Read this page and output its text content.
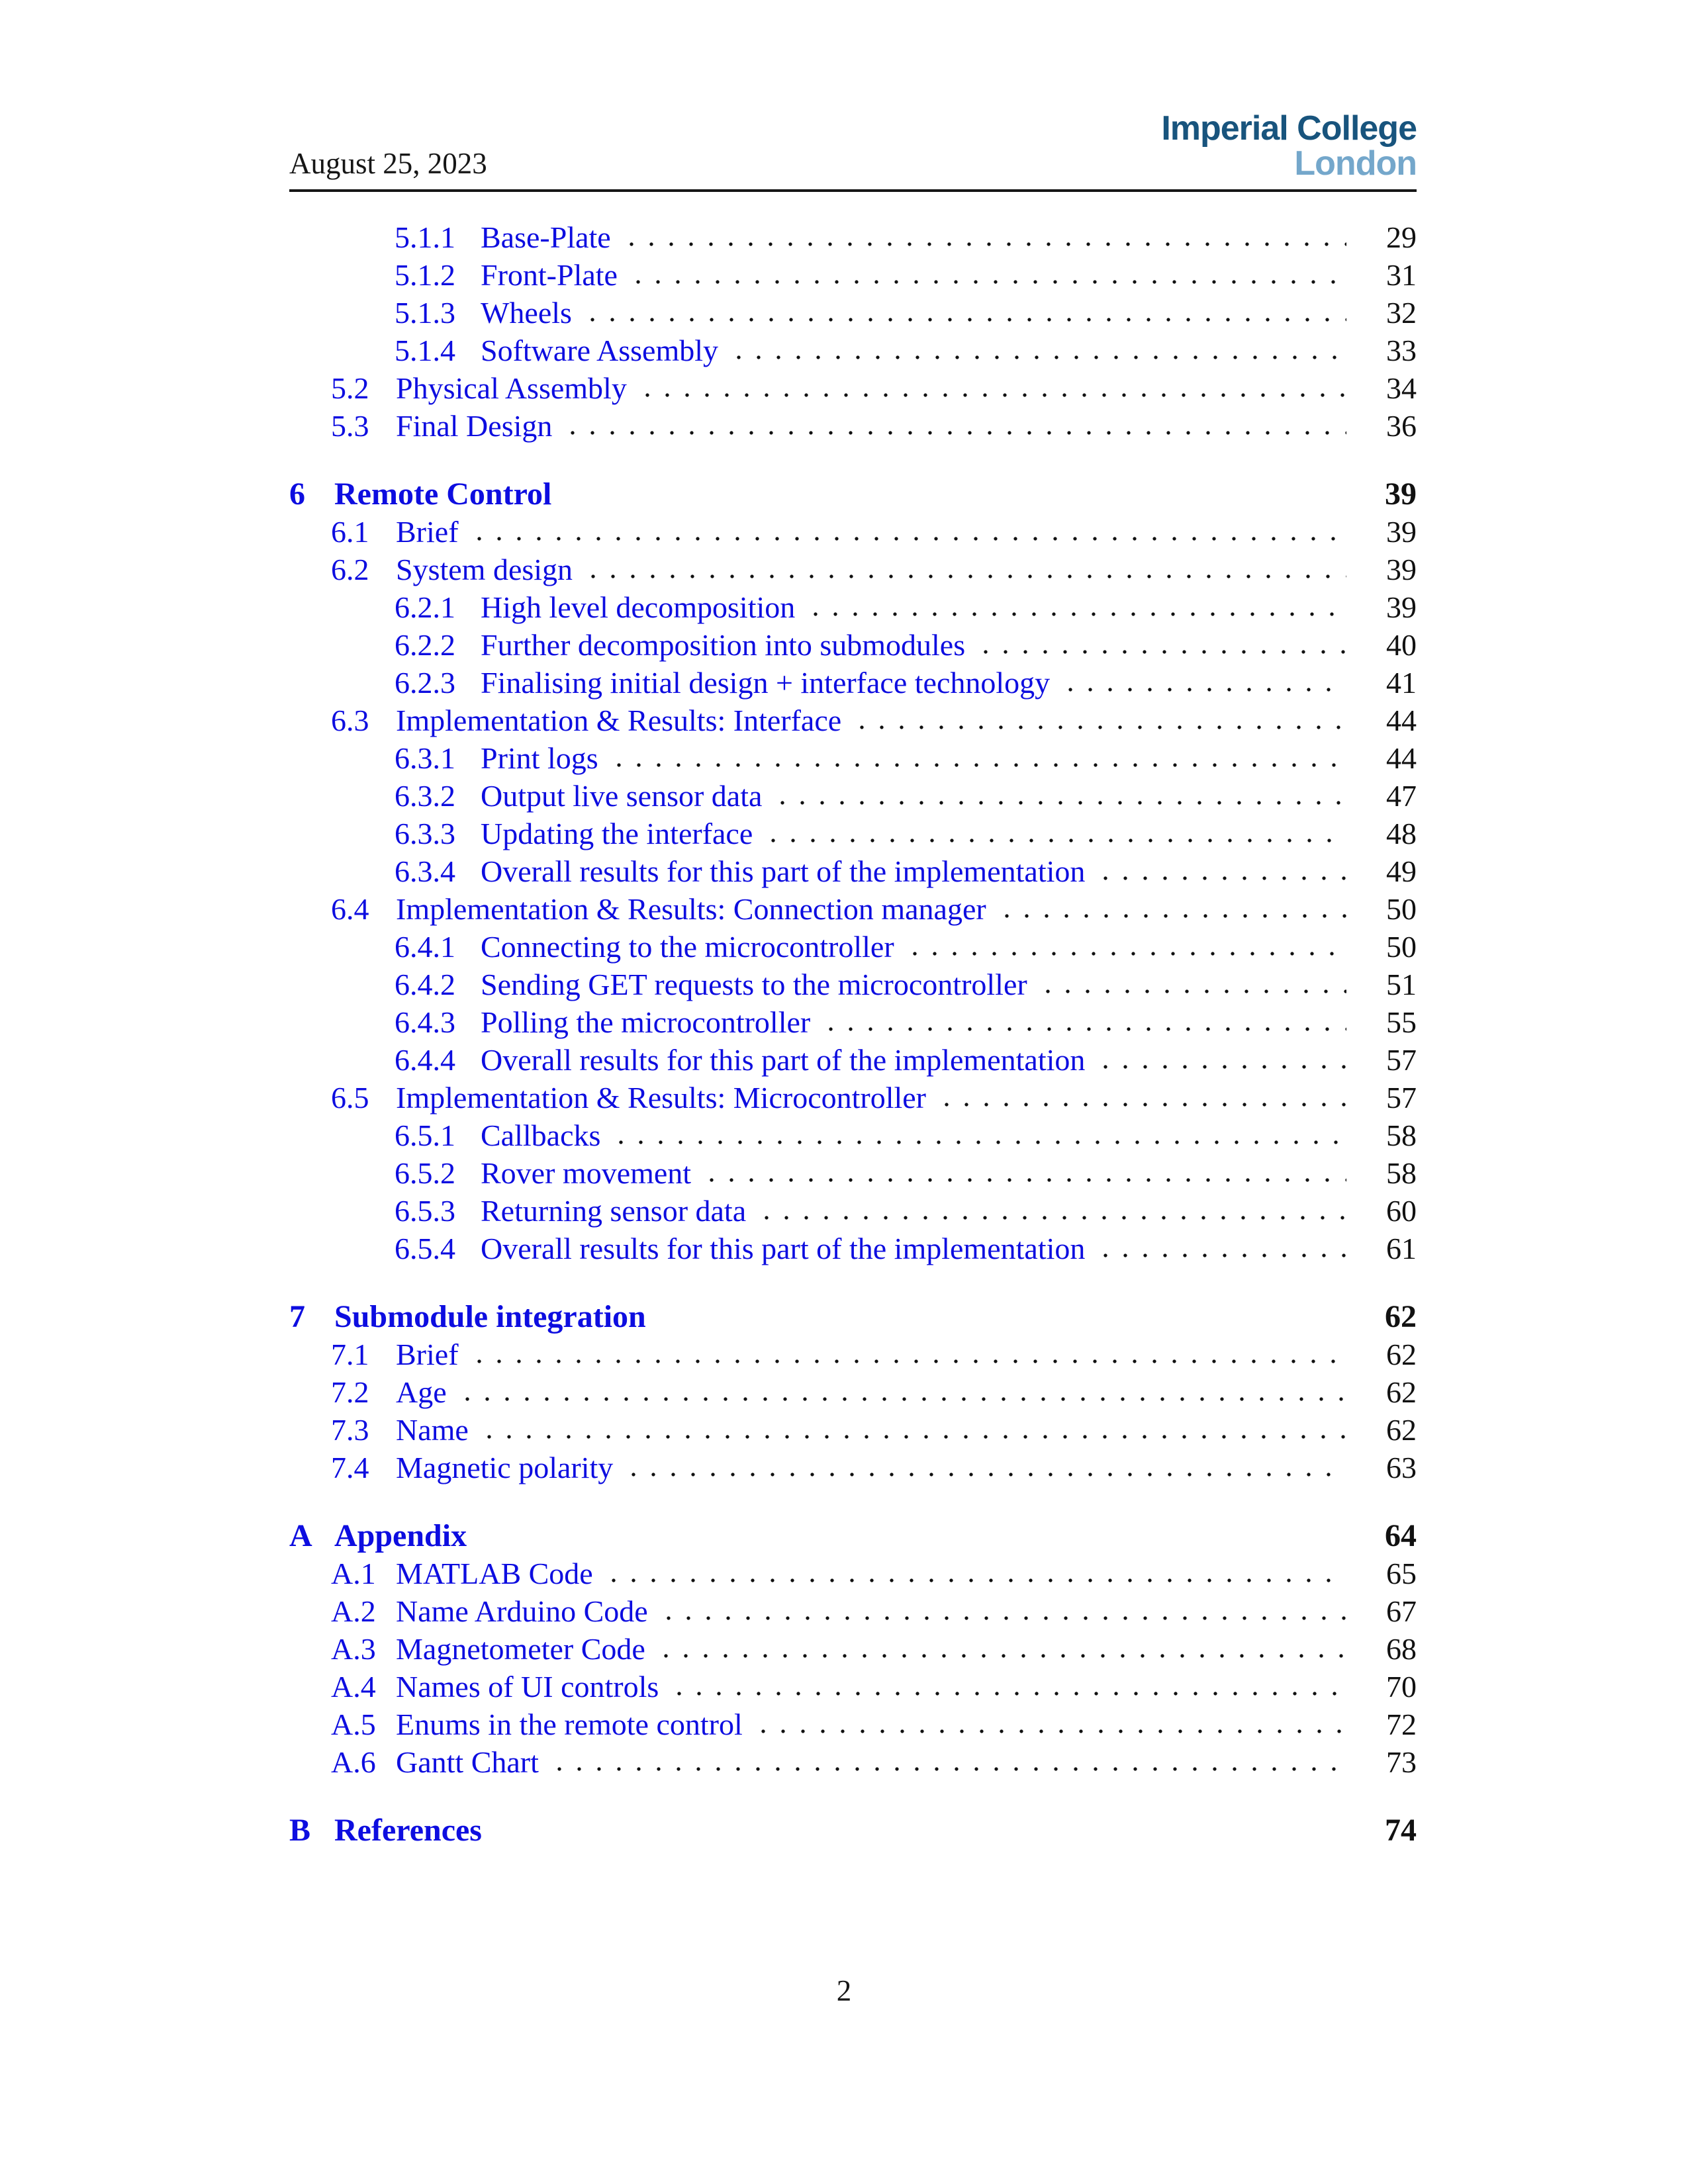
August 25, 2023
Imperial College
London
5.1.1 Base-Plate	29
5.1.2 Front-Plate	31
5.1.3 Wheels	32
5.1.4 Software Assembly	33
5.2 Physical Assembly	34
5.3 Final Design	36
6 Remote Control	39
6.1 Brief	39
6.2 System design	39
6.2.1 High level decomposition	39
6.2.2 Further decomposition into submodules	40
6.2.3 Finalising initial design + interface technology	41
6.3 Implementation & Results: Interface	44
6.3.1 Print logs	44
6.3.2 Output live sensor data	47
6.3.3 Updating the interface	48
6.3.4 Overall results for this part of the implementation	49
6.4 Implementation & Results: Connection manager	50
6.4.1 Connecting to the microcontroller	50
6.4.2 Sending GET requests to the microcontroller	51
6.4.3 Polling the microcontroller	55
6.4.4 Overall results for this part of the implementation	57
6.5 Implementation & Results: Microcontroller	57
6.5.1 Callbacks	58
6.5.2 Rover movement	58
6.5.3 Returning sensor data	60
6.5.4 Overall results for this part of the implementation	61
7 Submodule integration	62
7.1 Brief	62
7.2 Age	62
7.3 Name	62
7.4 Magnetic polarity	63
A Appendix	64
A.1 MATLAB Code	65
A.2 Name Arduino Code	67
A.3 Magnetometer Code	68
A.4 Names of UI controls	70
A.5 Enums in the remote control	72
A.6 Gantt Chart	73
B References	74
2
